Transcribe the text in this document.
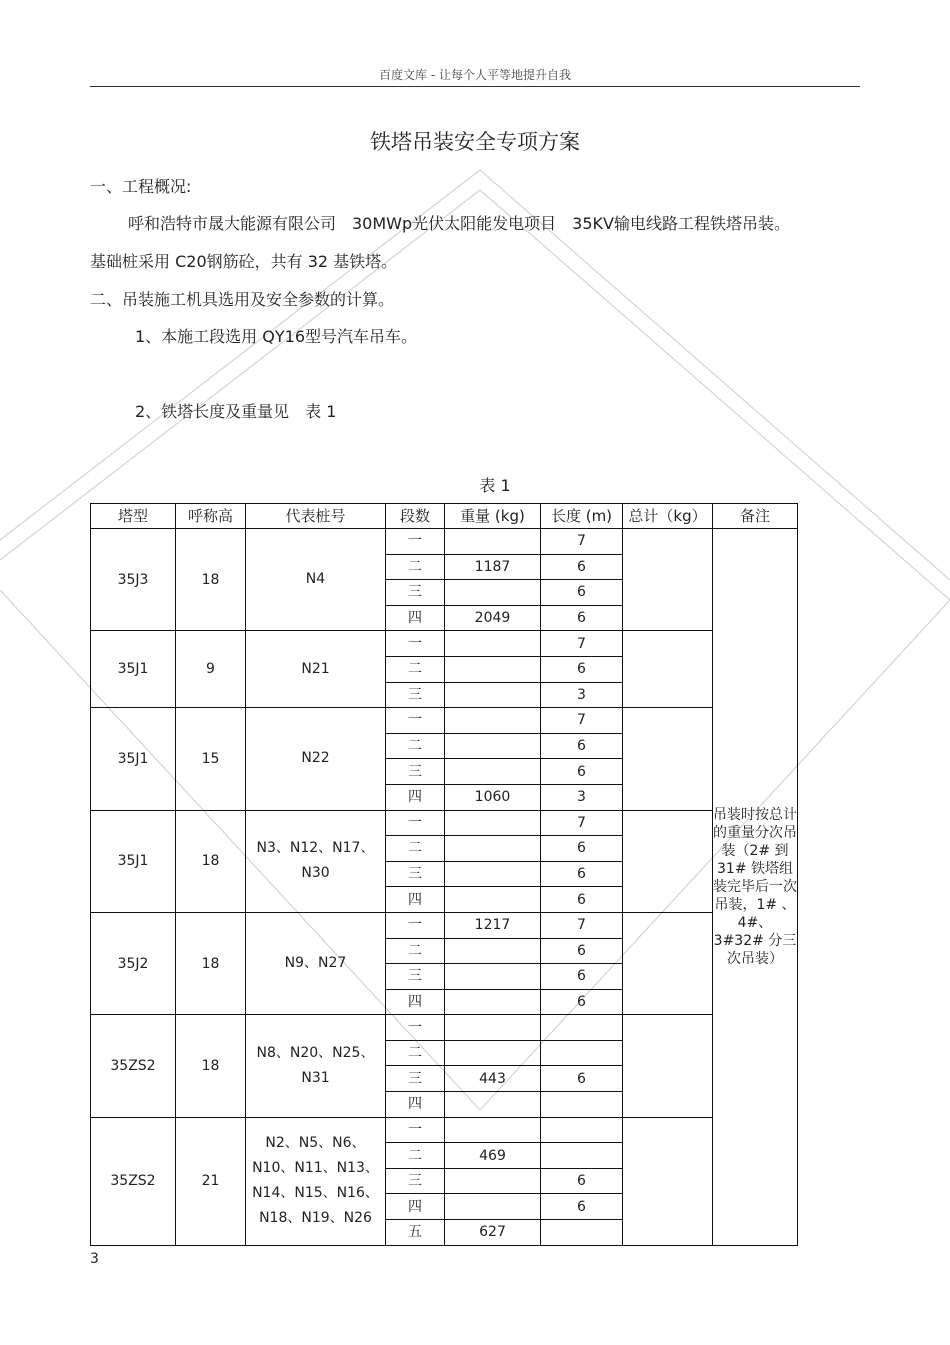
百度文库 - 让每个人平等地提升自我
铁塔吊装安全专项方案
一、工程概况:
呼和浩特市晟大能源有限公司　30MWp光伏太阳能发电项目　35KV输电线路工程铁塔吊装。
基础桩采用 C20钢筋砼，共有 32 基铁塔。
二、吊装施工机具选用及安全参数的计算。
1、本施工段选用 QY16型号汽车吊车。
2、铁塔长度及重量见　表 1
表 1
塔型	呼称高	代表桩号	段数	重量 (kg)	长度 (m)	总计（kg）	备注
35J3	18	N4	一		7		吊装时按总计的重量分次吊装（2# 到 31# 铁塔组装完毕后一次吊装，1# 、4#、3#32# 分三次吊装）
			二	1187	6		
			三		6		
			四	2049	6		
35J1	9	N21	一		7		
			二		6		
			三		3		
35J1	15	N22	一		7		
			二		6		
			三		6		
			四	1060	3		
35J1	18	N3、N12、N17、N30	一		7		
			二		6		
			三		6		
			四		6		
35J2	18	N9、N27	一	1217	7		
			二		6		
			三		6		
			四		6		
35ZS2	18	N8、N20、N25、N31	一				
			二				
			三	443	6		
			四				
35ZS2	21	N2、N5、N6、N10、N11、N13、N14、N15、N16、N18、N19、N26	一				
			二	469			
			三		6		
			四		6		
			五	627			
3
